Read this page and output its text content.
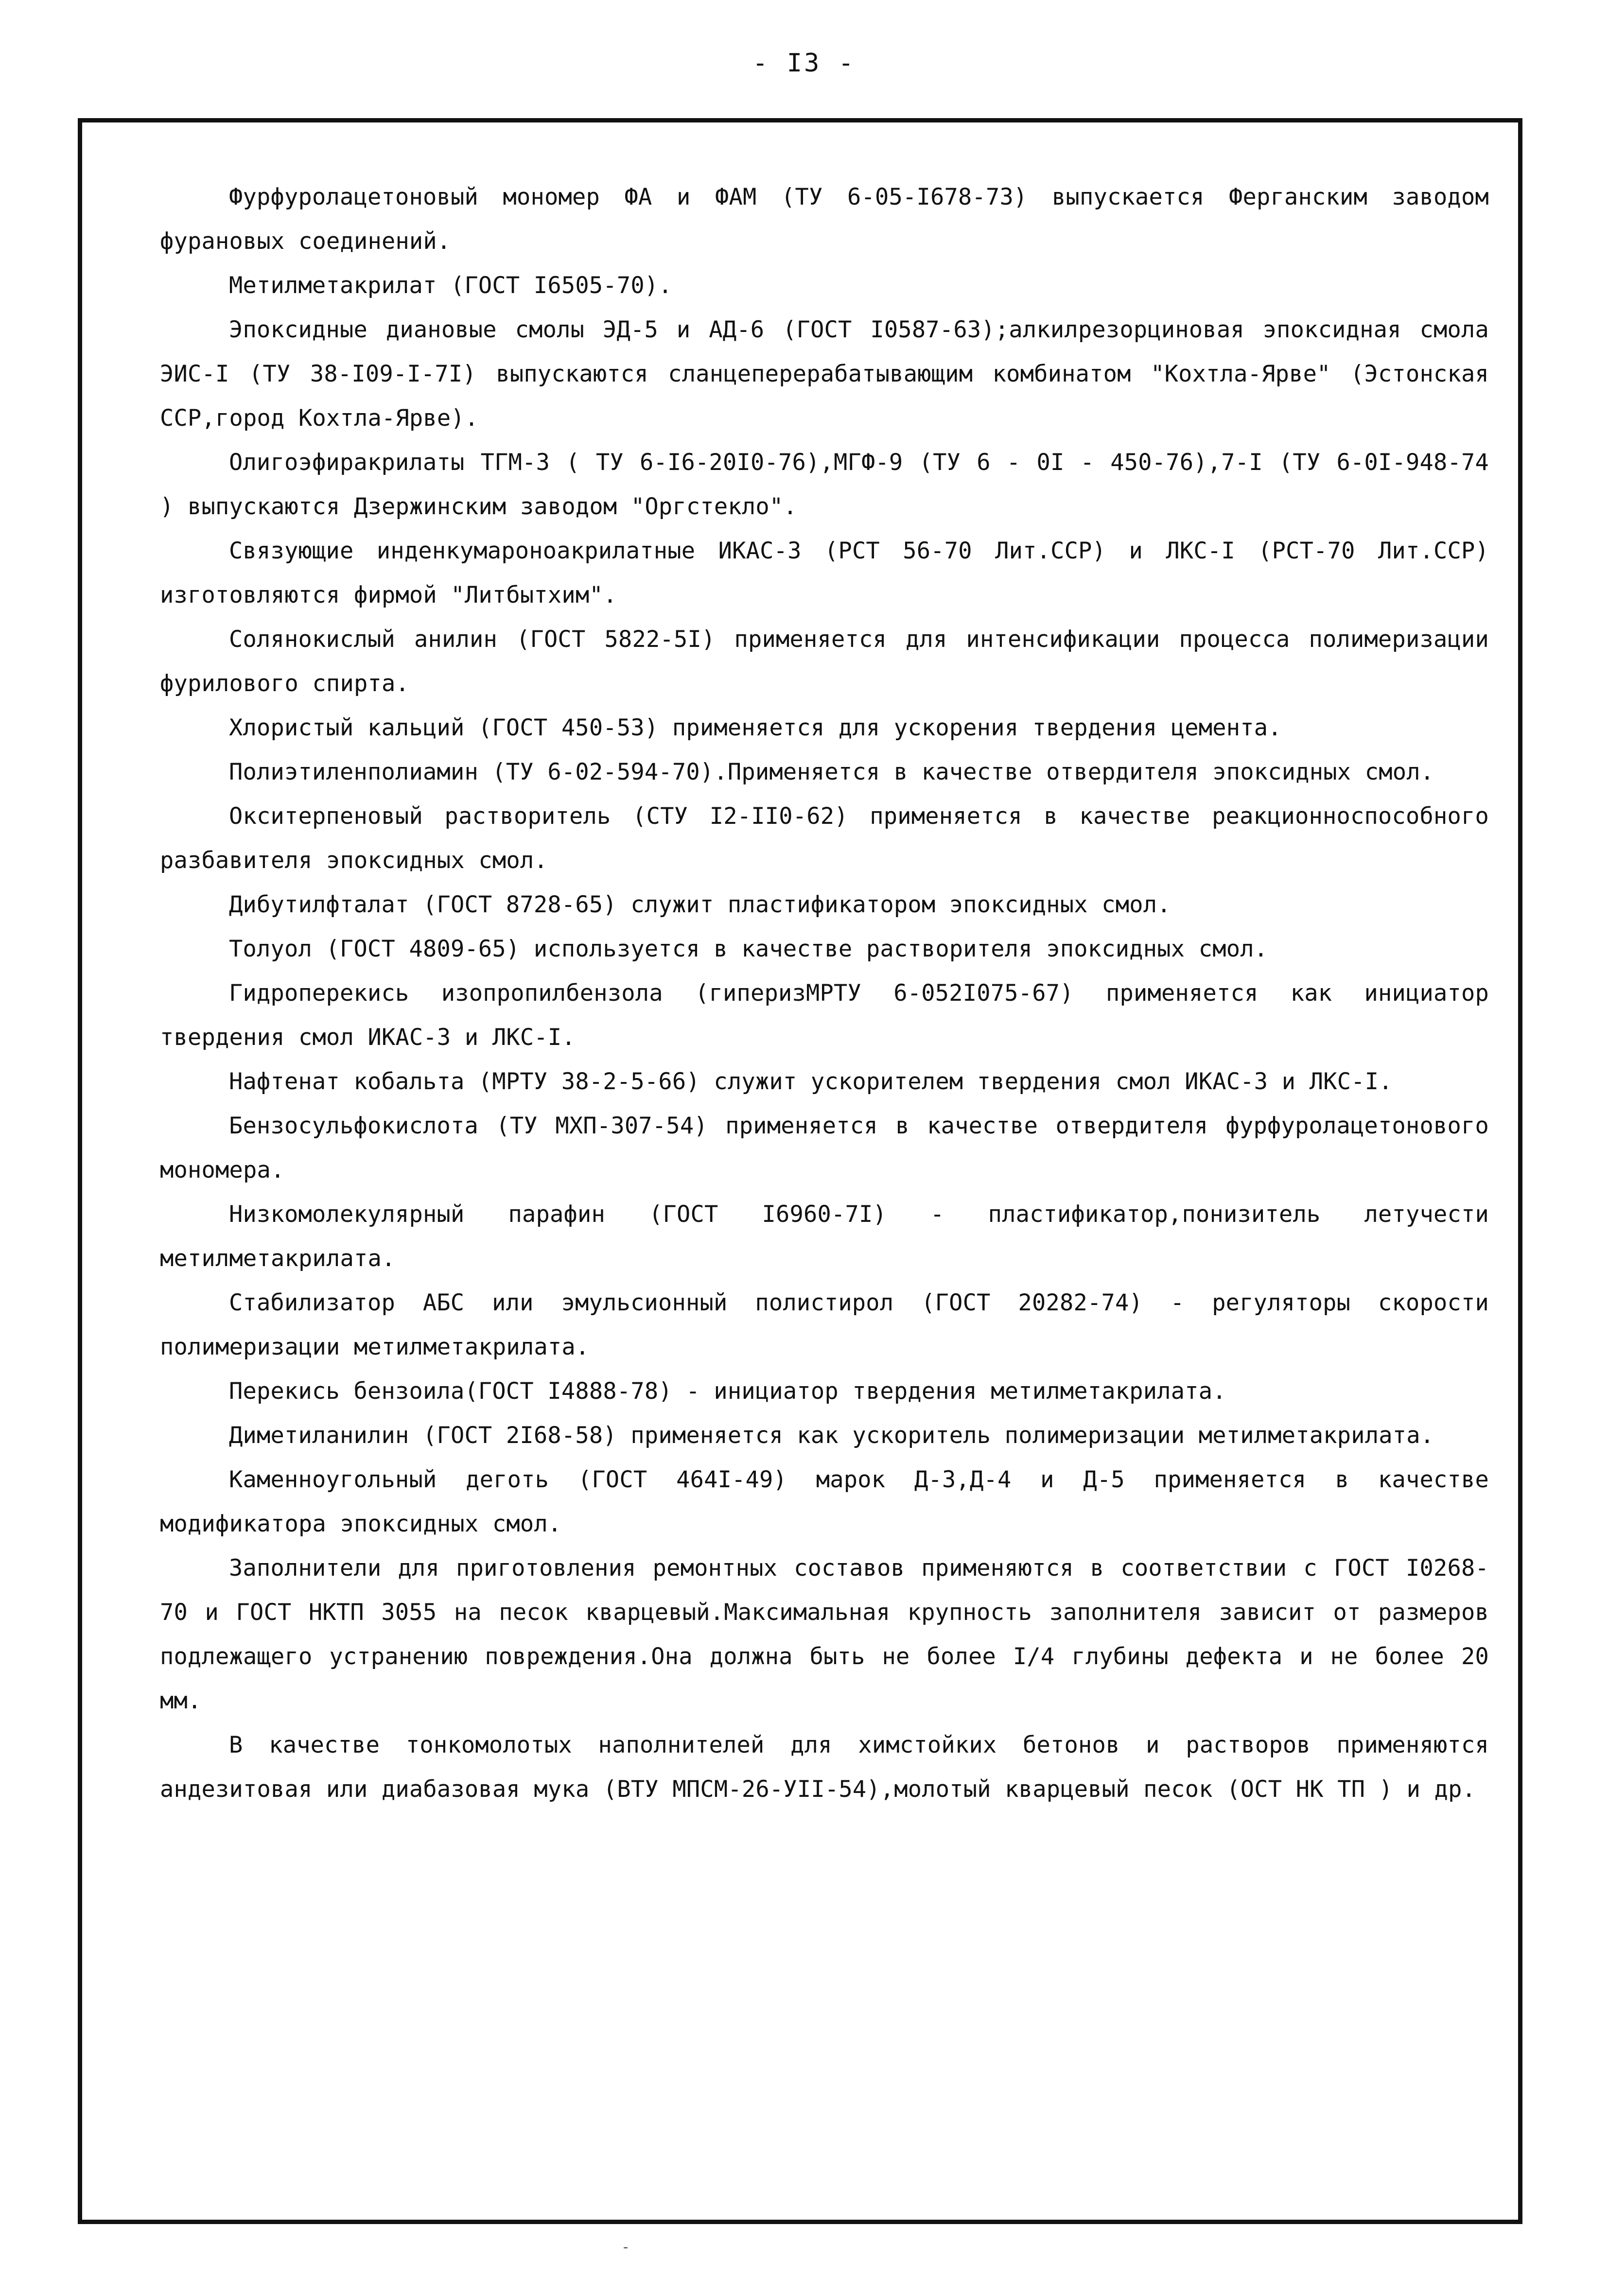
- I3 -

Фурфуролацетоновый мономер ФА и ФАМ (ТУ 6-05-I678-73) выпускается Ферганским заводом фурановых соединений.

Метилметакрилат (ГОСТ I6505-70).

Эпоксидные диановые смолы ЭД-5 и АД-6 (ГОСТ I0587-63);алкилрезорциновая эпоксидная смола ЭИС-I (ТУ 38-I09-I-7I) выпускаются сланцеперерабатывающим комбинатом "Кохтла-Ярве" (Эстонская ССР,город Кохтла-Ярве).

Олигоэфиракрилаты ТГМ-3 ( ТУ 6-I6-20I0-76),МГФ-9 (ТУ 6 - 0I - 450-76),7-I (ТУ 6-0I-948-74 ) выпускаются Дзержинским заводом "Оргстекло".

Связующие инденкумароноакрилатные ИКАС-3 (РСТ 56-70 Лит.ССР) и ЛКС-I (РСТ-70 Лит.ССР) изготовляются фирмой "Литбытхим".

Солянокислый анилин (ГОСТ 5822-5I) применяется для интенсификации процесса полимеризации фурилового спирта.

Хлористый кальций (ГОСТ 450-53) применяется для ускорения твердения цемента.

Полиэтиленполиамин (ТУ 6-02-594-70).Применяется в качестве отвердителя эпоксидных смол.

Окситерпеновый растворитель (СТУ I2-II0-62) применяется в качестве реакционноспособного разбавителя эпоксидных смол.

Дибутилфталат (ГОСТ 8728-65) служит пластификатором эпоксидных смол.

Толуол (ГОСТ 4809-65) используется в качестве растворителя эпоксидных смол.

Гидроперекись изопропилбензола (гиперизМРТУ 6-052I075-67) применяется как инициатор твердения смол ИКАС-3 и ЛКС-I.

Нафтенат кобальта (МРТУ 38-2-5-66) служит ускорителем твердения смол ИКАС-3 и ЛКС-I.

Бензосульфокислота (ТУ МХП-307-54) применяется в качестве отвердителя фурфуролацетонового мономера.

Низкомолекулярный парафин (ГОСТ I6960-7I) - пластификатор,понизитель летучести метилметакрилата.

Стабилизатор АБС или эмульсионный полистирол (ГОСТ 20282-74) - регуляторы скорости полимеризации метилметакрилата.

Перекись бензоила(ГОСТ I4888-78) - инициатор твердения метилметакрилата.

Диметиланилин (ГОСТ 2I68-58) применяется как ускоритель полимеризации метилметакрилата.

Каменноугольный деготь (ГОСТ 464I-49) марок Д-3,Д-4 и Д-5 применяется в качестве модификатора эпоксидных смол.

Заполнители для приготовления ремонтных составов применяются в соответствии с ГОСТ I0268-70 и ГОСТ НКТП 3055 на песок кварцевый.Максимальная крупность заполнителя зависит от размеров подлежащего устранению повреждения.Она должна быть не более I/4 глубины дефекта и не более 20 мм.

В качестве тонкомолотых наполнителей для химстойких бетонов и растворов применяются андезитовая или диабазовая мука (ВТУ МПСМ-26-УII-54),молотый кварцевый песок (ОСТ НК ТП ) и др.

-
